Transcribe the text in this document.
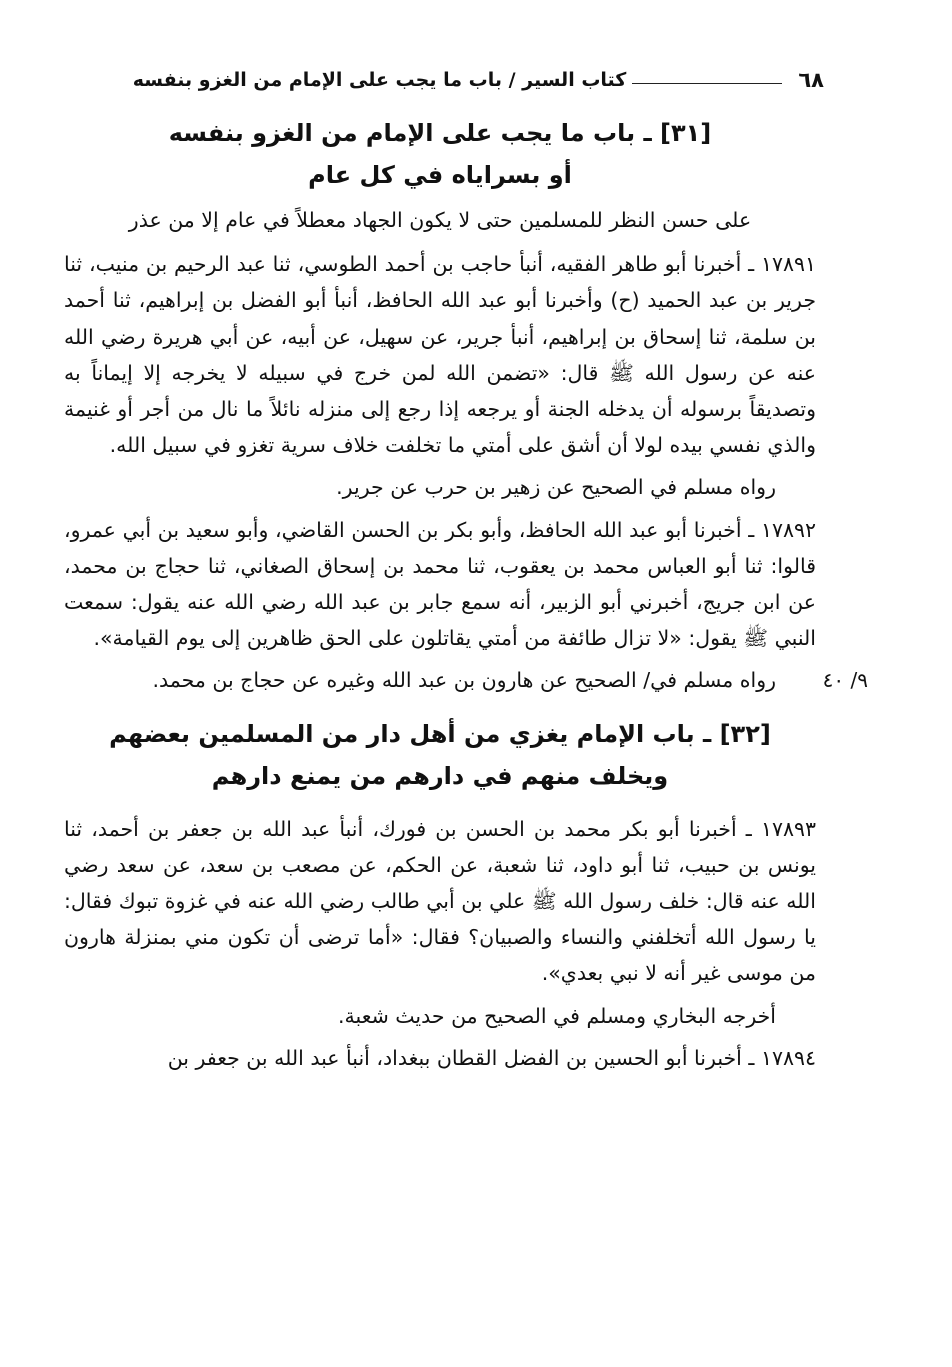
٦٨
كتاب السير / باب ما يجب على الإمام من الغزو بنفسه
[٣١] ـ باب ما يجب على الإمام من الغزو بنفسه
أو بسراياه في كل عام

على حسن النظر للمسلمين حتى لا يكون الجهاد معطلاً في عام إلا من عذر

١٧٨٩١ ـ أخبرنا أبو طاهر الفقيه، أنبأ حاجب بن أحمد الطوسي، ثنا عبد الرحيم بن منيب، ثنا جرير بن عبد الحميد (ح) وأخبرنا أبو عبد الله الحافظ، أنبأ أبو الفضل بن إبراهيم، ثنا أحمد بن سلمة، ثنا إسحاق بن إبراهيم، أنبأ جرير، عن سهيل، عن أبيه، عن أبي هريرة رضي الله عنه عن رسول الله ﷺ قال: «تضمن الله لمن خرج في سبيله لا يخرجه إلا إيماناً به وتصديقاً برسوله أن يدخله الجنة أو يرجعه إذا رجع إلى منزله نائلاً ما نال من أجر أو غنيمة والذي نفسي بيده لولا أن أشق على أمتي ما تخلفت خلاف سرية تغزو في سبيل الله.

رواه مسلم في الصحيح عن زهير بن حرب عن جرير.

١٧٨٩٢ ـ أخبرنا أبو عبد الله الحافظ، وأبو بكر بن الحسن القاضي، وأبو سعيد بن أبي عمرو، قالوا: ثنا أبو العباس محمد بن يعقوب، ثنا محمد بن إسحاق الصغاني، ثنا حجاج بن محمد، عن ابن جريج، أخبرني أبو الزبير، أنه سمع جابر بن عبد الله رضي الله عنه يقول: سمعت النبي ﷺ يقول: «لا تزال طائفة من أمتي يقاتلون على الحق ظاهرين إلى يوم القيامة».

رواه مسلم في/ الصحيح عن هارون بن عبد الله وغيره عن حجاج بن محمد.	٩/ ٤٠
[٣٢] ـ باب الإمام يغزي من أهل دار من المسلمين بعضهم
ويخلف منهم في دارهم من يمنع دارهم

١٧٨٩٣ ـ أخبرنا أبو بكر محمد بن الحسن بن فورك، أنبأ عبد الله بن جعفر بن أحمد، ثنا يونس بن حبيب، ثنا أبو داود، ثنا شعبة، عن الحكم، عن مصعب بن سعد، عن سعد رضي الله عنه قال: خلف رسول الله ﷺ علي بن أبي طالب رضي الله عنه في غزوة تبوك فقال: يا رسول الله أتخلفني والنساء والصبيان؟ فقال: «أما ترضى أن تكون مني بمنزلة هارون من موسى غير أنه لا نبي بعدي».

أخرجه البخاري ومسلم في الصحيح من حديث شعبة.

١٧٨٩٤ ـ أخبرنا أبو الحسين بن الفضل القطان ببغداد، أنبأ عبد الله بن جعفر بن
